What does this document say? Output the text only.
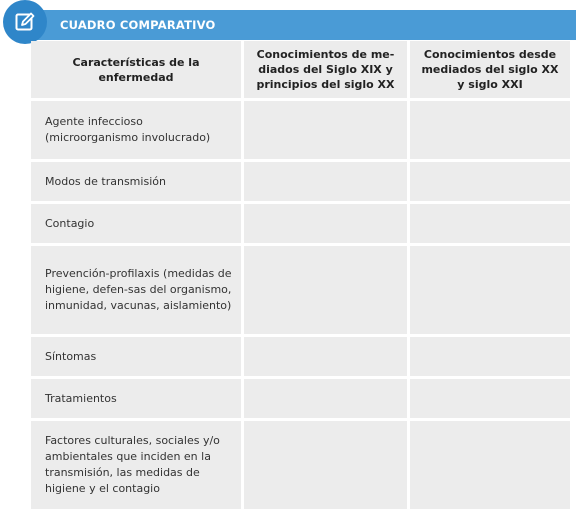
CUADRO COMPARATIVO
Características de la enfermedad	Conocimientos de me-diados del Siglo XIX y principios del siglo XX	Conocimientos desde mediados del siglo XX y siglo XXI

Agente infeccioso (microorganismo involucrado)		
Modos de transmisión		
Contagio		
Prevención-profilaxis (medidas de higiene, defen-sas del organismo, inmunidad, vacunas, aislamiento)		
Síntomas		
Tratamientos		
Factores culturales, sociales y/o ambientales que inciden en la transmisión, las medidas de higiene y el contagio		
